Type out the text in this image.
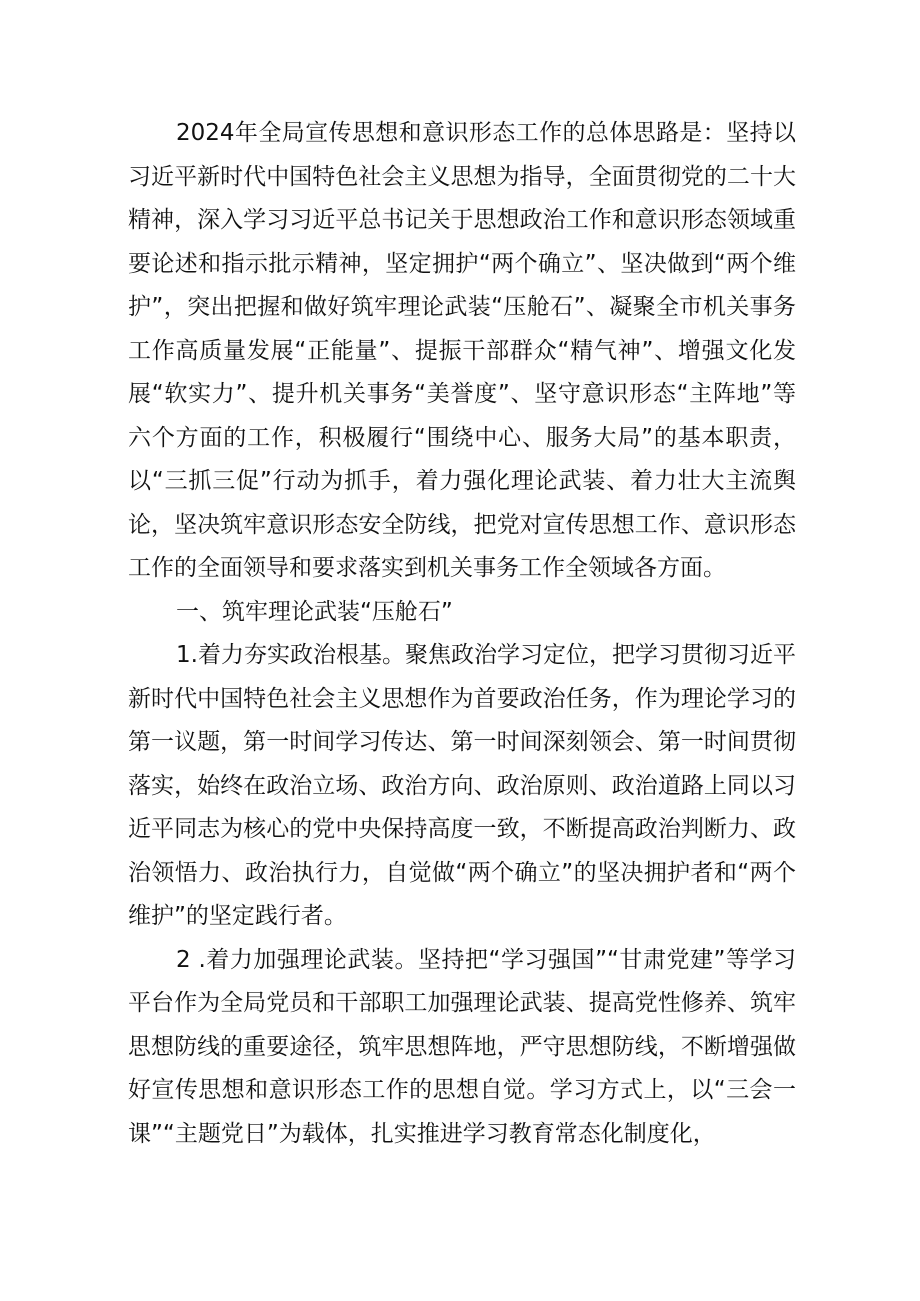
2024年全局宣传思想和意识形态工作的总体思路是：坚持以习近平新时代中国特色社会主义思想为指导，全面贯彻党的二十大精神，深入学习习近平总书记关于思想政治工作和意识形态领域重要论述和指示批示精神，坚定拥护“两个确立”、坚决做到“两个维护”，突出把握和做好筑牢理论武装“压舱石”、凝聚全市机关事务工作高质量发展“正能量”、提振干部群众“精气神”、增强文化发展“软实力”、提升机关事务“美誉度”、坚守意识形态“主阵地”等六个方面的工作，积极履行“围绕中心、服务大局”的基本职责，以“三抓三促”行动为抓手，着力强化理论武装、着力壮大主流舆论，坚决筑牢意识形态安全防线，把党对宣传思想工作、意识形态工作的全面领导和要求落实到机关事务工作全领域各方面。

一、筑牢理论武装“压舱石”

1.着力夯实政治根基。聚焦政治学习定位，把学习贯彻习近平新时代中国特色社会主义思想作为首要政治任务，作为理论学习的第一议题，第一时间学习传达、第一时间深刻领会、第一时间贯彻落实，始终在政治立场、政治方向、政治原则、政治道路上同以习近平同志为核心的党中央保持高度一致，不断提高政治判断力、政治领悟力、政治执行力，自觉做“两个确立”的坚决拥护者和“两个维护”的坚定践行者。

2 .着力加强理论武装。坚持把“学习强国”“甘肃党建”等学习平台作为全局党员和干部职工加强理论武装、提高党性修养、筑牢思想防线的重要途径，筑牢思想阵地，严守思想防线，不断增强做好宣传思想和意识形态工作的思想自觉。学习方式上，以“三会一课”“主题党日”为载体，扎实推进学习教育常态化制度化，
